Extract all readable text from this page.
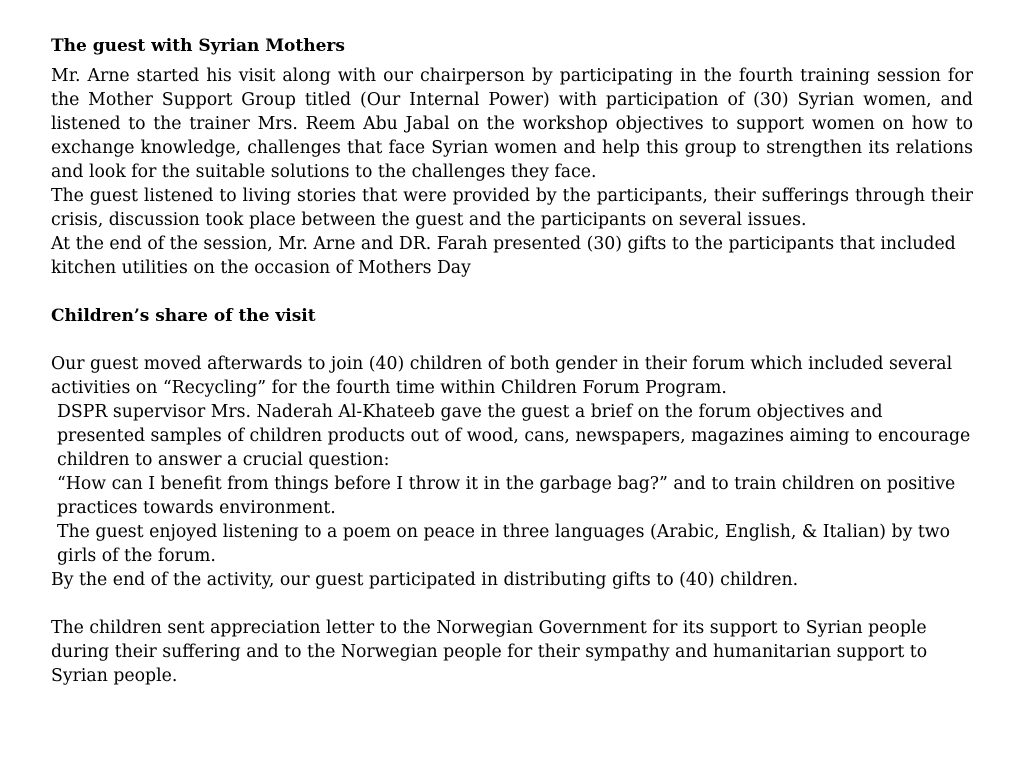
The guest with Syrian Mothers

Mr. Arne started his visit along with our chairperson by participating in the fourth training session for the Mother Support Group titled (Our Internal Power) with participation of (30) Syrian women, and listened to the trainer Mrs. Reem Abu Jabal on the workshop objectives to support women on how to exchange knowledge, challenges that face Syrian women and help this group to strengthen its relations and look for the suitable solutions to the challenges they face.

The guest listened to living stories that were provided by the participants, their sufferings through their crisis, discussion took place between the guest and the participants on several issues.

At the end of the session, Mr. Arne and DR. Farah presented (30) gifts to the participants that included kitchen utilities on the occasion of Mothers Day

Children’s share of the visit

Our guest moved afterwards to join (40) children of both gender in their forum which included several activities on “Recycling” for the fourth time within Children Forum Program.

DSPR supervisor Mrs. Naderah Al-Khateeb gave the guest a brief on the forum objectives and presented samples of children products out of wood, cans, newspapers, magazines aiming to encourage children to answer a crucial question:

“How can I benefit from things before I throw it in the garbage bag?” and to train children on positive practices towards environment.

The guest enjoyed listening to a poem on peace in three languages (Arabic, English, & Italian) by two girls of the forum.

By the end of the activity, our guest participated in distributing gifts to (40) children.

The children sent appreciation letter to the Norwegian Government for its support to Syrian people during their suffering and to the Norwegian people for their sympathy and humanitarian support to Syrian people.
